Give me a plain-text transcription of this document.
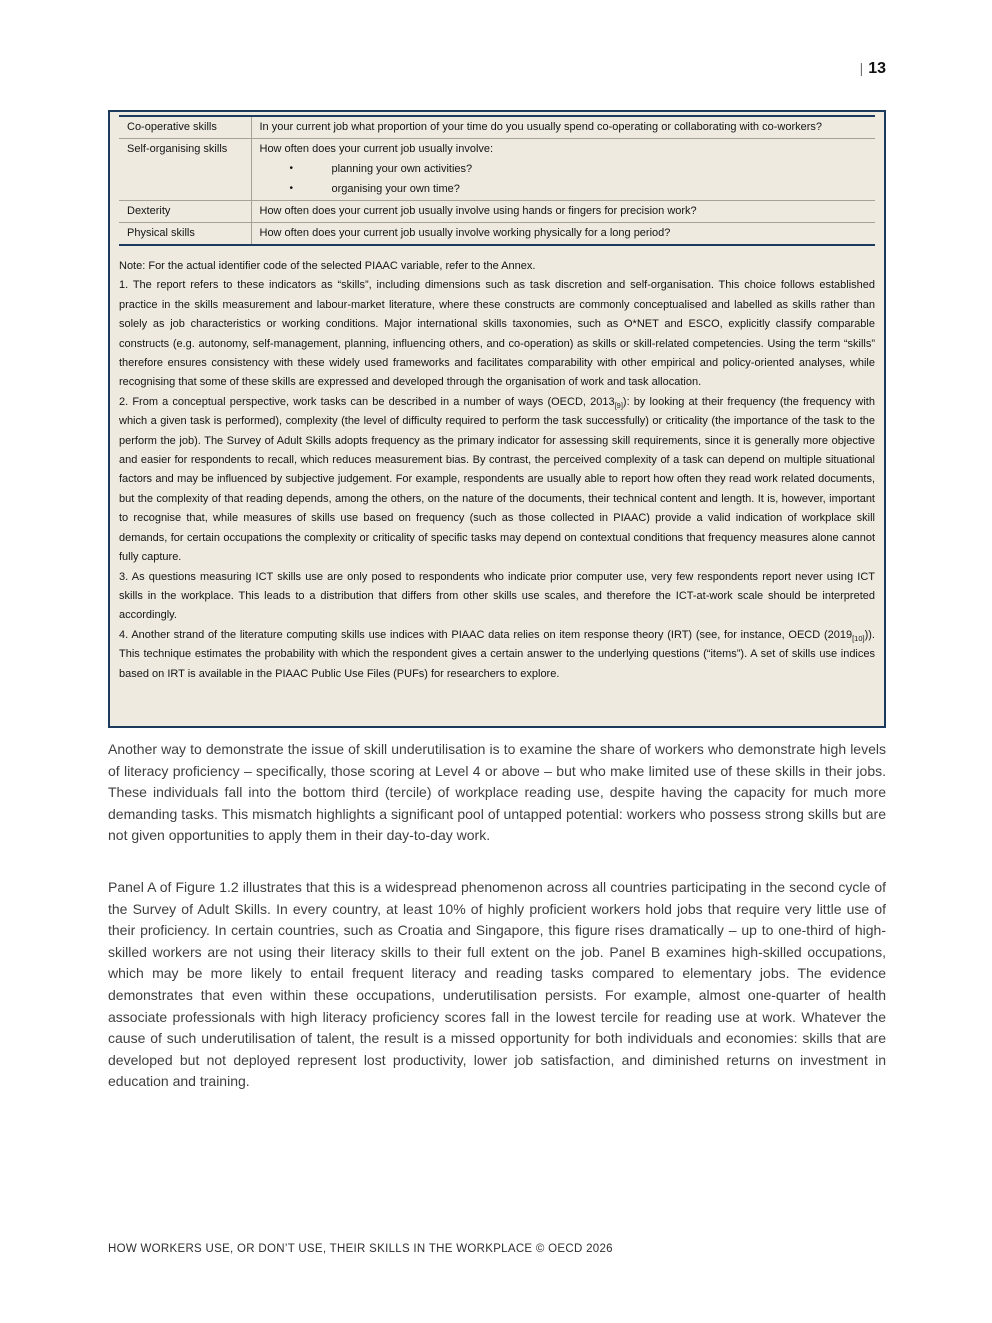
| 13
Co-operative skills	In your current job what proportion of your time do you usually spend co-operating or collaborating with co-workers?
Self-organising skills	How often does your current job usually involve:
• planning your own activities?
• organising your own time?

Dexterity	How often does your current job usually involve using hands or fingers for precision work?
Physical skills	How often does your current job usually involve working physically for a long period?

Note: For the actual identifier code of the selected PIAAC variable, refer to the Annex.

1. The report refers to these indicators as “skills”, including dimensions such as task discretion and self-organisation. This choice follows established practice in the skills measurement and labour-market literature, where these constructs are commonly conceptualised and labelled as skills rather than solely as job characteristics or working conditions. Major international skills taxonomies, such as O*NET and ESCO, explicitly classify comparable constructs (e.g. autonomy, self-management, planning, influencing others, and co-operation) as skills or skill-related competencies. Using the term “skills” therefore ensures consistency with these widely used frameworks and facilitates comparability with other empirical and policy-oriented analyses, while recognising that some of these skills are expressed and developed through the organisation of work and task allocation.

2. From a conceptual perspective, work tasks can be described in a number of ways (OECD, $2013_{[9]}$): by looking at their frequency (the frequency with which a given task is performed), complexity (the level of difficulty required to perform the task successfully) or criticality (the importance of the task to the perform the job). The Survey of Adult Skills adopts frequency as the primary indicator for assessing skill requirements, since it is generally more objective and easier for respondents to recall, which reduces measurement bias. By contrast, the perceived complexity of a task can depend on multiple situational factors and may be influenced by subjective judgement. For example, respondents are usually able to report how often they read work related documents, but the complexity of that reading depends, among the others, on the nature of the documents, their technical content and length. It is, however, important to recognise that, while measures of skills use based on frequency (such as those collected in PIAAC) provide a valid indication of workplace skill demands, for certain occupations the complexity or criticality of specific tasks may depend on contextual conditions that frequency measures alone cannot fully capture.

3. As questions measuring ICT skills use are only posed to respondents who indicate prior computer use, very few respondents report never using ICT skills in the workplace. This leads to a distribution that differs from other skills use scales, and therefore the ICT-at-work scale should be interpreted accordingly.

4. Another strand of the literature computing skills use indices with PIAAC data relies on item response theory (IRT) (see, for instance, OECD $(2019_{[10]})$). This technique estimates the probability with which the respondent gives a certain answer to the underlying questions (“items”). A set of skills use indices based on IRT is available in the PIAAC Public Use Files (PUFs) for researchers to explore.

Another way to demonstrate the issue of skill underutilisation is to examine the share of workers who demonstrate high levels of literacy proficiency – specifically, those scoring at Level 4 or above – but who make limited use of these skills in their jobs. These individuals fall into the bottom third (tercile) of workplace reading use, despite having the capacity for much more demanding tasks. This mismatch highlights a significant pool of untapped potential: workers who possess strong skills but are not given opportunities to apply them in their day-to-day work.

Panel A of Figure 1.2 illustrates that this is a widespread phenomenon across all countries participating in the second cycle of the Survey of Adult Skills. In every country, at least 10% of highly proficient workers hold jobs that require very little use of their proficiency. In certain countries, such as Croatia and Singapore, this figure rises dramatically – up to one-third of high-skilled workers are not using their literacy skills to their full extent on the job. Panel B examines high-skilled occupations, which may be more likely to entail frequent literacy and reading tasks compared to elementary jobs. The evidence demonstrates that even within these occupations, underutilisation persists. For example, almost one-quarter of health associate professionals with high literacy proficiency scores fall in the lowest tercile for reading use at work. Whatever the cause of such underutilisation of talent, the result is a missed opportunity for both individuals and economies: skills that are developed but not deployed represent lost productivity, lower job satisfaction, and diminished returns on investment in education and training.

HOW WORKERS USE, OR DON’T USE, THEIR SKILLS IN THE WORKPLACE © OECD 2026
